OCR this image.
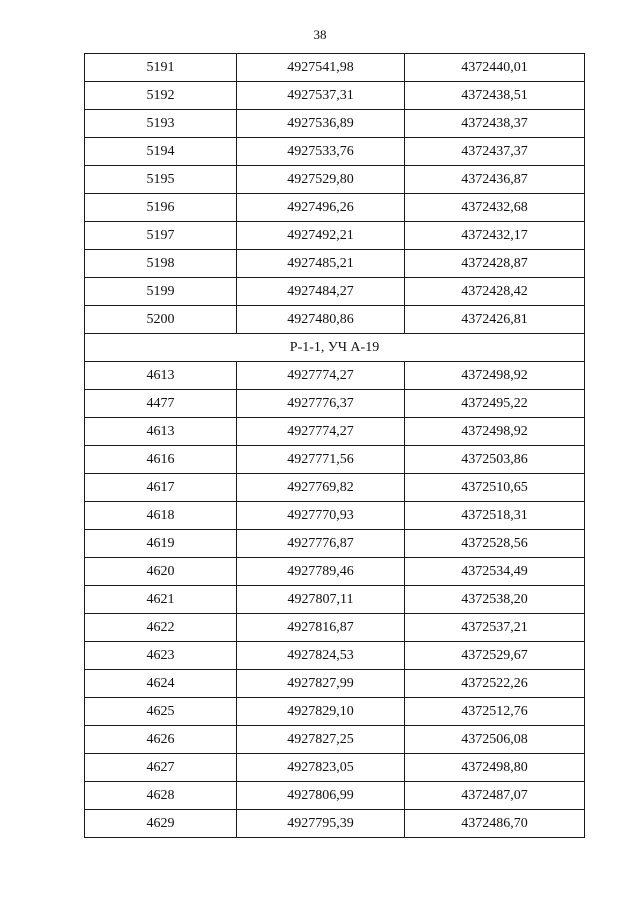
38
5191	4927541,98	4372440,01
5192	4927537,31	4372438,51
5193	4927536,89	4372438,37
5194	4927533,76	4372437,37
5195	4927529,80	4372436,87
5196	4927496,26	4372432,68
5197	4927492,21	4372432,17
5198	4927485,21	4372428,87
5199	4927484,27	4372428,42
5200	4927480,86	4372426,81
Р-1-1, УЧ А-19		
4613	4927774,27	4372498,92
4477	4927776,37	4372495,22
4613	4927774,27	4372498,92
4616	4927771,56	4372503,86
4617	4927769,82	4372510,65
4618	4927770,93	4372518,31
4619	4927776,87	4372528,56
4620	4927789,46	4372534,49
4621	4927807,11	4372538,20
4622	4927816,87	4372537,21
4623	4927824,53	4372529,67
4624	4927827,99	4372522,26
4625	4927829,10	4372512,76
4626	4927827,25	4372506,08
4627	4927823,05	4372498,80
4628	4927806,99	4372487,07
4629	4927795,39	4372486,70
